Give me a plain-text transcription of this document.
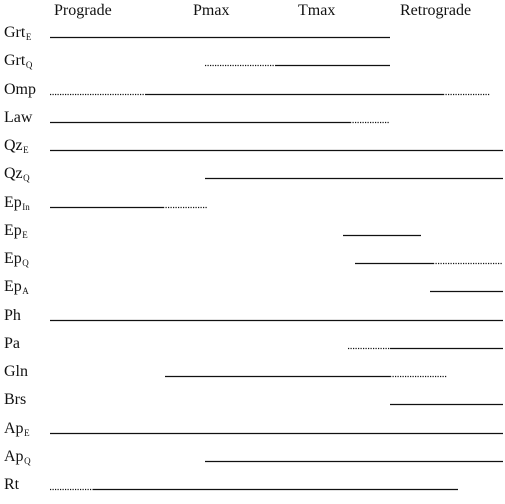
Prograde	Pmax	Tmax	Retrograde
Grt$_E$
Grt$_Q$
Omp
Law
$Qz_E$
$Qz_Q$
$Ep_{In}$
$Ep_E$
$Ep_Q$
$Ep_A$
Ph
Pa
Gln
Brs
$Ap_E$
$Ap_Q$
Rt
